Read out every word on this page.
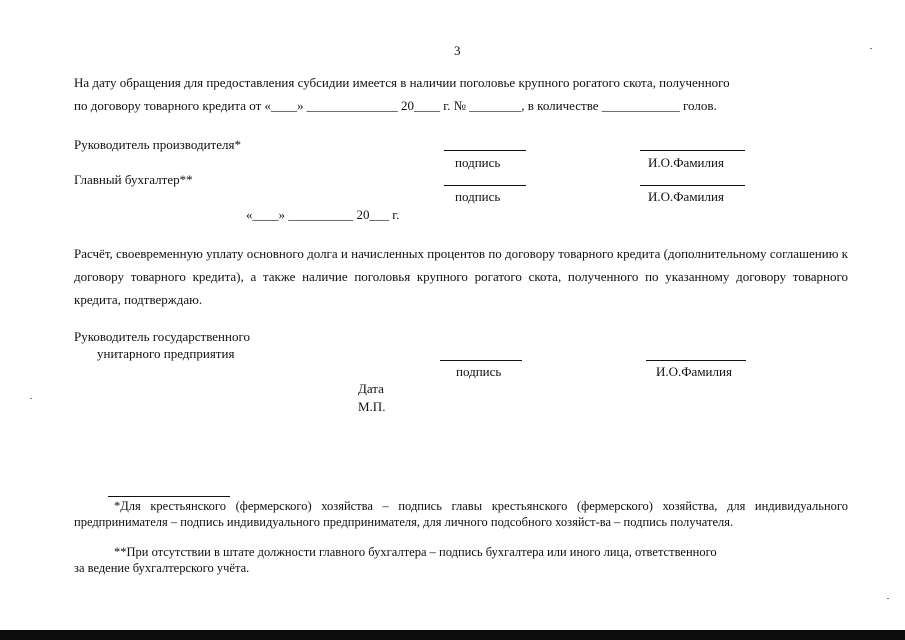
3
На дату обращения для предоставления субсидии имеется в наличии поголовье крупного рогатого скота, полученного
по договору товарного кредита от «____» ______________ 20____ г. № ________, в количестве ____________ голов.
Руководитель производителя*
подпись	И.О.Фамилия
Главный бухгалтер**
подпись	И.О.Фамилия
«____» __________ 20___ г.
Расчёт, своевременную уплату основного долга и начисленных процентов по договору товарного кредита (дополнительному соглашению к договору товарного кредита), а также наличие поголовья крупного рогатого скота, полученного по указанному договору товарного кредита, подтверждаю.
Руководитель государственного
унитарного предприятия
подпись	И.О.Фамилия
Дата
М.П.
*Для крестьянского (фермерского) хозяйства – подпись главы крестьянского (фермерского) хозяйства, для индивидуального предпринимателя – подпись индивидуального предпринимателя, для личного подсобного хозяйст-ва – подпись получателя.
**При отсутствии в штате должности главного бухгалтера – подпись бухгалтера или иного лица, ответственного
за ведение бухгалтерского учёта.
